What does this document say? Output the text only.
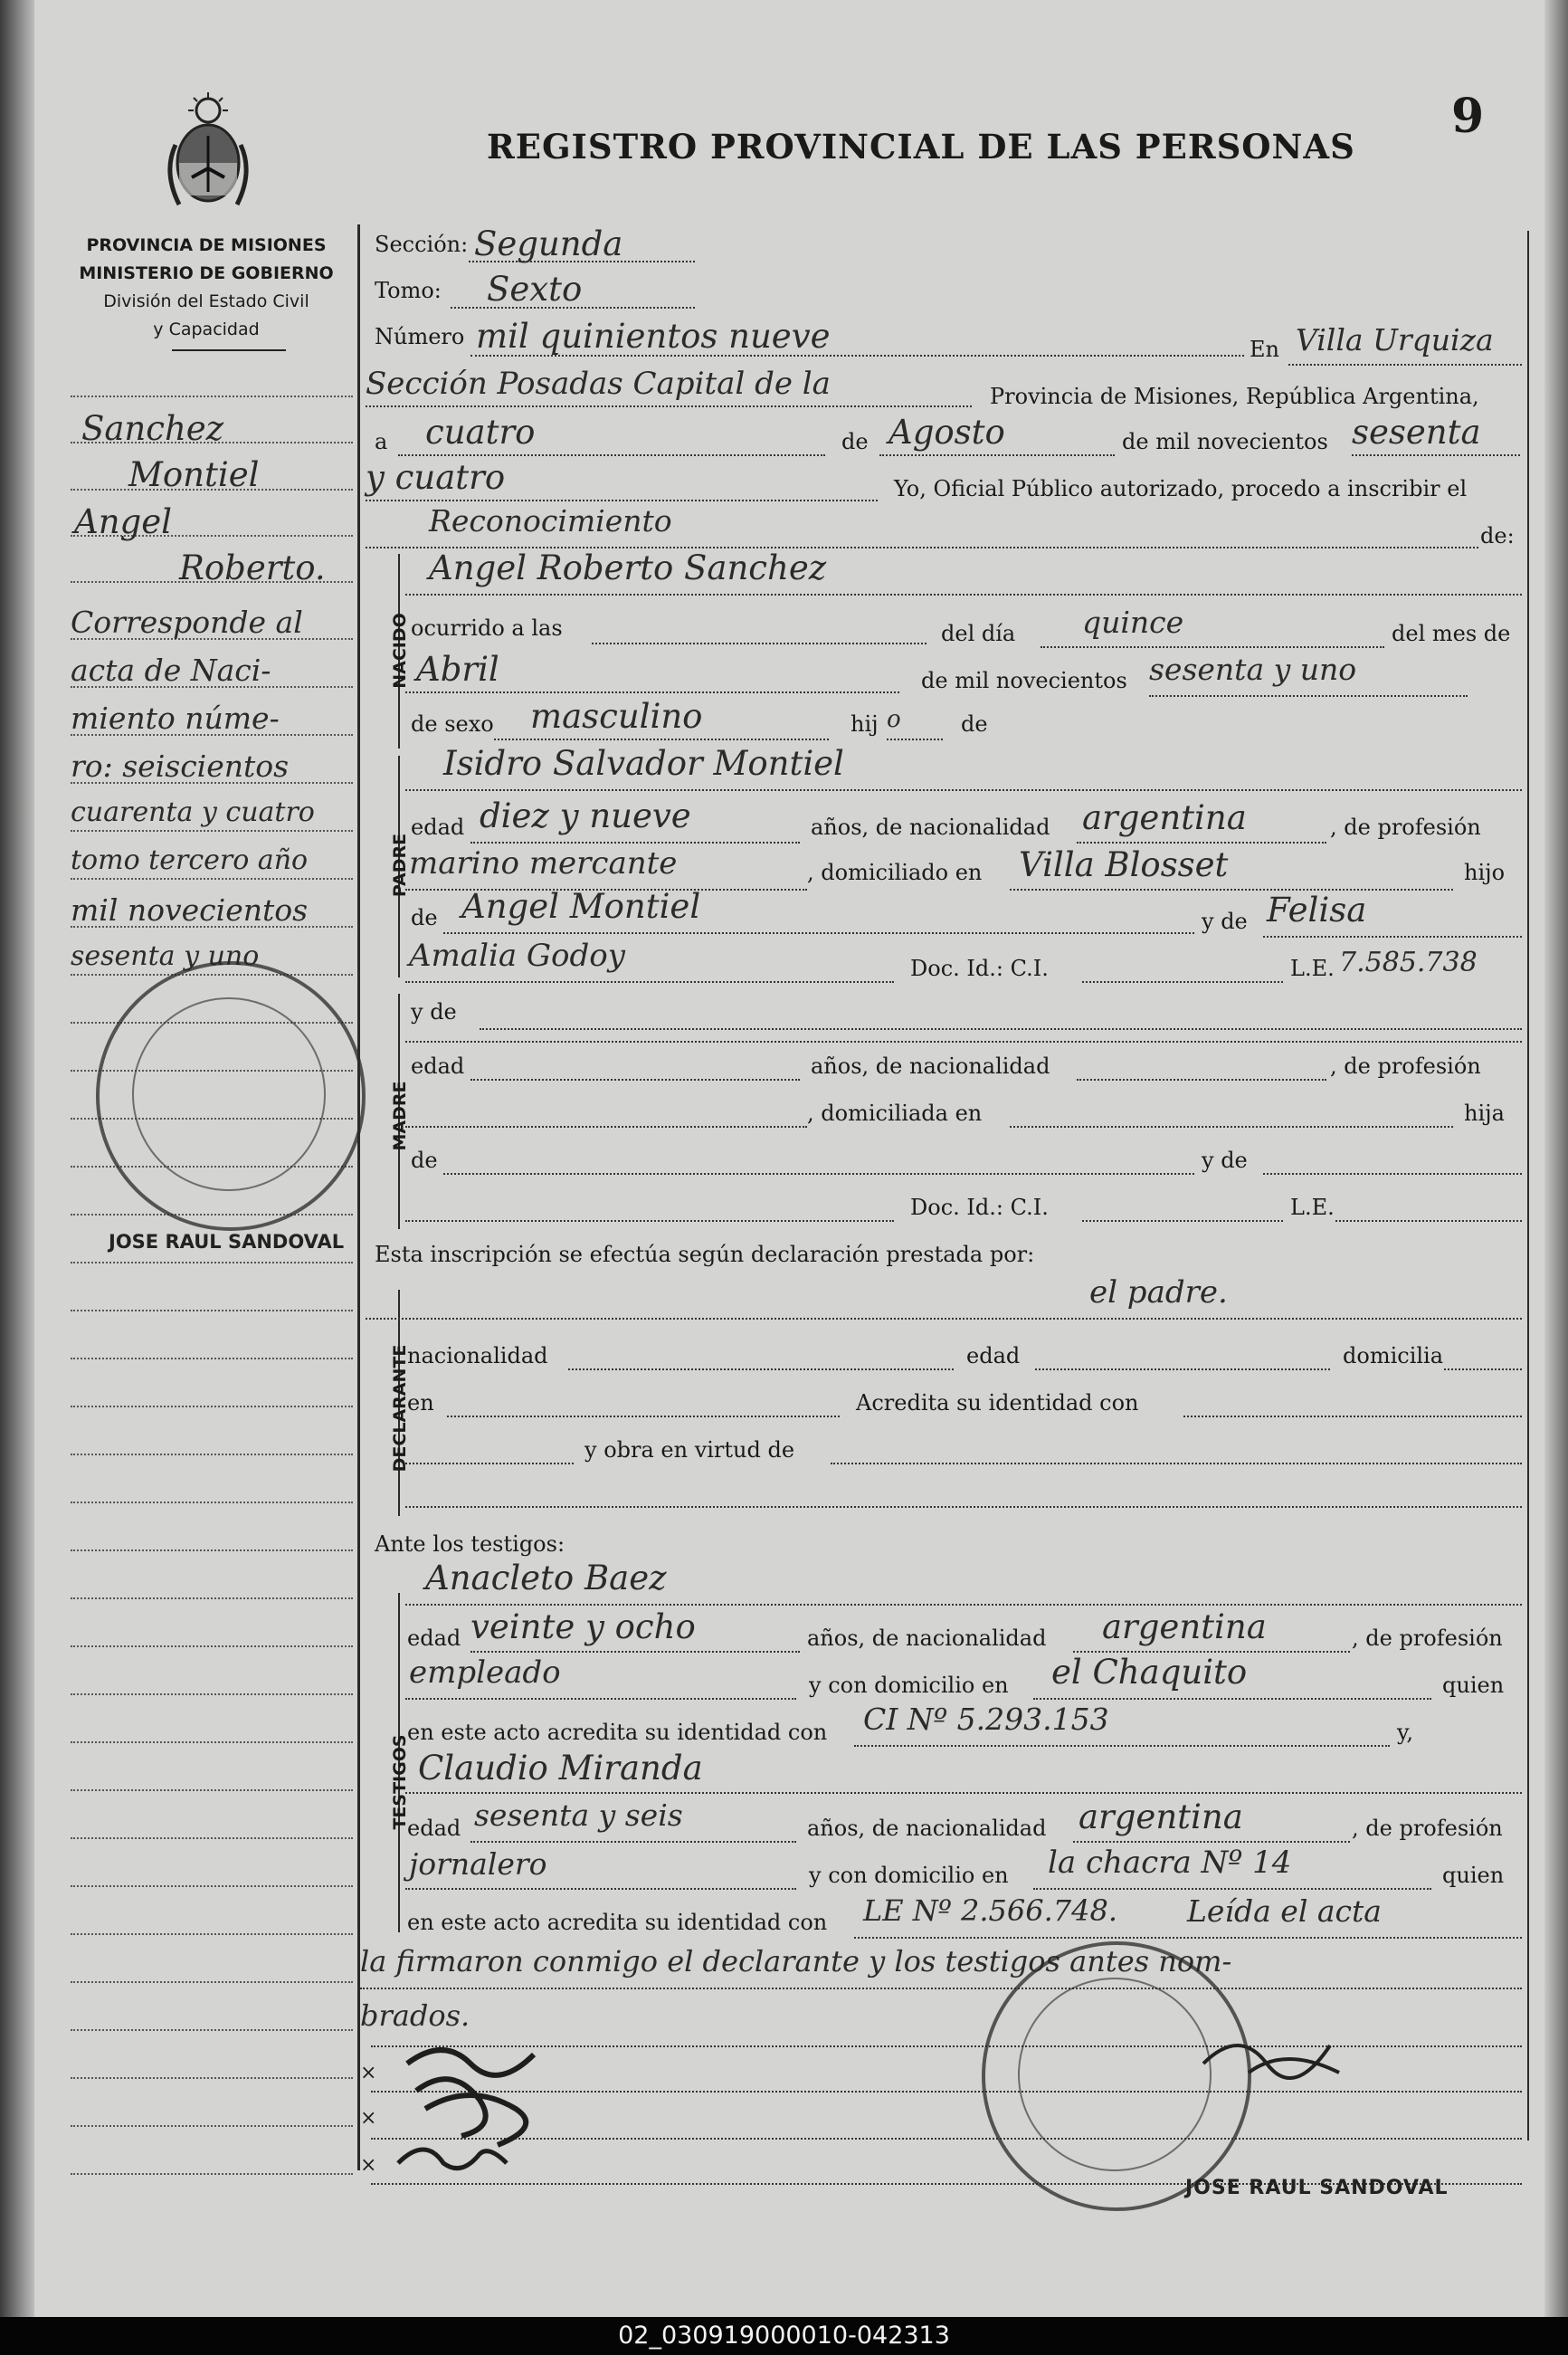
REGISTRO PROVINCIAL DE LAS PERSONAS
9
PROVINCIA DE MISIONES
MINISTERIO DE GOBIERNO
División del Estado Civil
y Capacidad
Sanchez
Montiel
Angel
Roberto.
Corresponde al
acta de Naci-
miento núme-
ro: seiscientos
cuarenta y cuatro
tomo tercero año
mil novecientos
sesenta y uno
JOSE RAUL SANDOVAL
NACIDO
PADRE
MADRE
DECLARANTE
TESTIGOS
Sección: Segunda
Tomo: Sexto
Número mil quinientos nueve	En Villa Urquiza
Sección Posadas Capital de la	Provincia de Misiones, República Argentina,
a cuatro	de Agosto	de mil novecientos sesenta
y cuatro	Yo, Oficial Público autorizado, procedo a inscribir el
Reconocimiento	de:
Angel Roberto Sanchez
ocurrido a las	del día quince	del mes de
Abril	de mil novecientos sesenta y uno
de sexo masculino	hij o	de
Isidro Salvador Montiel
edad diez y nueve	años, de nacionalidad argentina	, de profesión
marino mercante	, domiciliado en Villa Blosset	hijo
de Angel Montiel	y de Felisa
Amalia Godoy	Doc. Id.: C.I.	L.E. 7.585.738
y de
edad	años, de nacionalidad	, de profesión
, domiciliada en	hija
de	y de
Doc. Id.: C.I.	L.E.
Esta inscripción se efectúa según declaración prestada por:
el padre.
nacionalidad	edad	domicilia
en	Acredita su identidad con
y obra en virtud de
Ante los testigos:
Anacleto Baez
edad veinte y ocho	años, de nacionalidad argentina	, de profesión
empleado	y con domicilio en el Chaquito	quien
en este acto acredita su identidad con CI Nº 5.293.153	y,
Claudio Miranda
edad sesenta y seis	años, de nacionalidad argentina	, de profesión
jornalero	y con domicilio en la chacra Nº 14	quien
en este acto acredita su identidad con LE Nº 2.566.748. Leída el acta
la firmaron conmigo el declarante y los testigos antes nom-
brados.
×
×
×
JOSE RAUL SANDOVAL
02_030919000010-042313
